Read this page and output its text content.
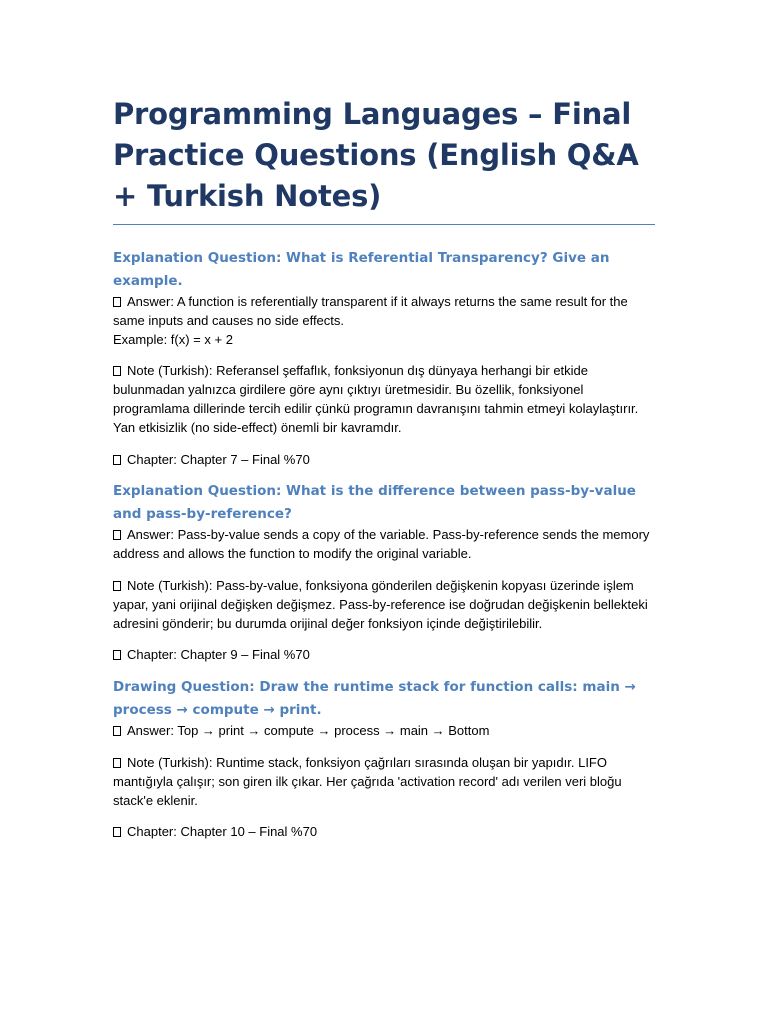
Programming Languages – Final Practice Questions (English Q&A + Turkish Notes)
Explanation Question: What is Referential Transparency? Give an example.

Answer: A function is referentially transparent if it always returns the same result for the same inputs and causes no side effects.
Example: f(x) = x + 2

Note (Turkish): Referansel şeffaflık, fonksiyonun dış dünyaya herhangi bir etkide bulunmadan yalnızca girdilere göre aynı çıktıyı üretmesidir. Bu özellik, fonksiyonel programlama dillerinde tercih edilir çünkü programın davranışını tahmin etmeyi kolaylaştırır. Yan etkisizlik (no side-effect) önemli bir kavramdır.

Chapter: Chapter 7 – Final %70

Explanation Question: What is the difference between pass-by-value and pass-by-reference?

Answer: Pass-by-value sends a copy of the variable. Pass-by-reference sends the memory address and allows the function to modify the original variable.

Note (Turkish): Pass-by-value, fonksiyona gönderilen değişkenin kopyası üzerinde işlem yapar, yani orijinal değişken değişmez. Pass-by-reference ise doğrudan değişkenin bellekteki adresini gönderir; bu durumda orijinal değer fonksiyon içinde değiştirilebilir.

Chapter: Chapter 9 – Final %70

Drawing Question: Draw the runtime stack for function calls: main → process → compute → print.

Answer: Top → print → compute → process → main → Bottom

Note (Turkish): Runtime stack, fonksiyon çağrıları sırasında oluşan bir yapıdır. LIFO mantığıyla çalışır; son giren ilk çıkar. Her çağrıda 'activation record' adı verilen veri bloğu stack'e eklenir.

Chapter: Chapter 10 – Final %70
